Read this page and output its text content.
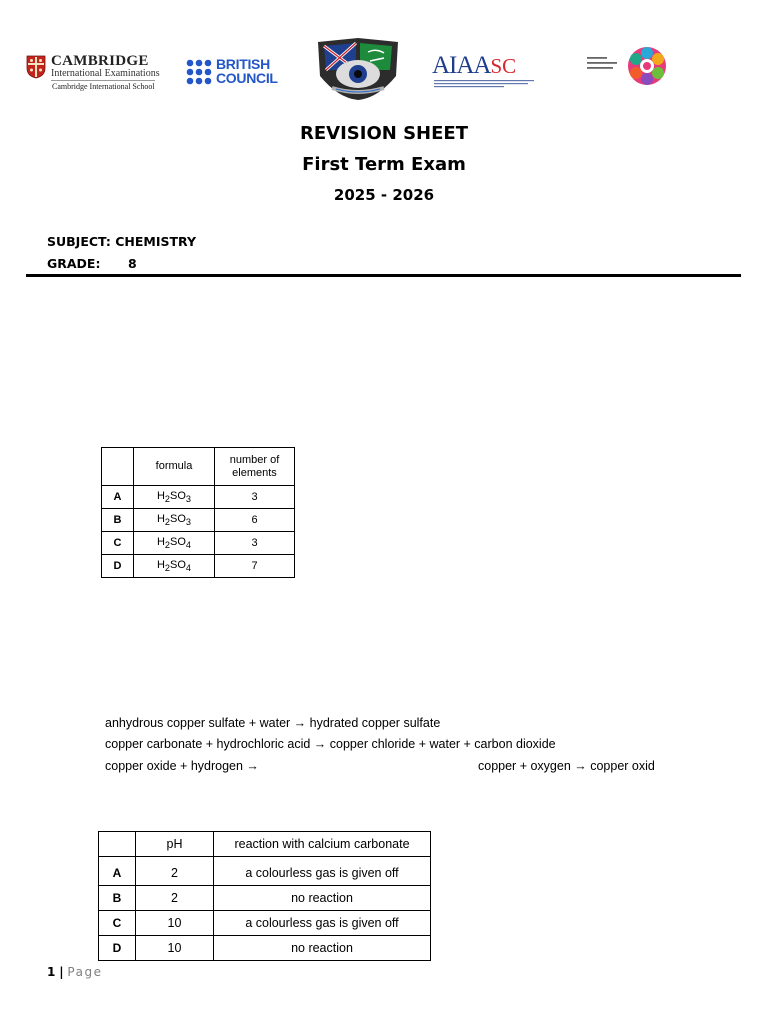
CAMBRIDGE
International Examinations
Cambridge International School
BRITISH
COUNCIL	AIAASC
REVISION SHEET
First Term Exam
2025 - 2026
SUBJECT: CHEMISTRY
GRADE: 8
	formula	number of elements
A	$H_2SO_3$	3
B	$H_2SO_3$	6
C	$H_2SO_4$	3
D	$H_2SO_4$	7
anhydrous copper sulfate + water → hydrated copper sulfate
copper carbonate + hydrochloric acid → copper chloride + water + carbon dioxide
copper oxide + hydrogen →	copper + oxygen → copper oxid
	pH	reaction with calcium carbonate
A	2	a colourless gas is given off
B	2	no reaction
C	10	a colourless gas is given off
D	10	no reaction
1 | Page
